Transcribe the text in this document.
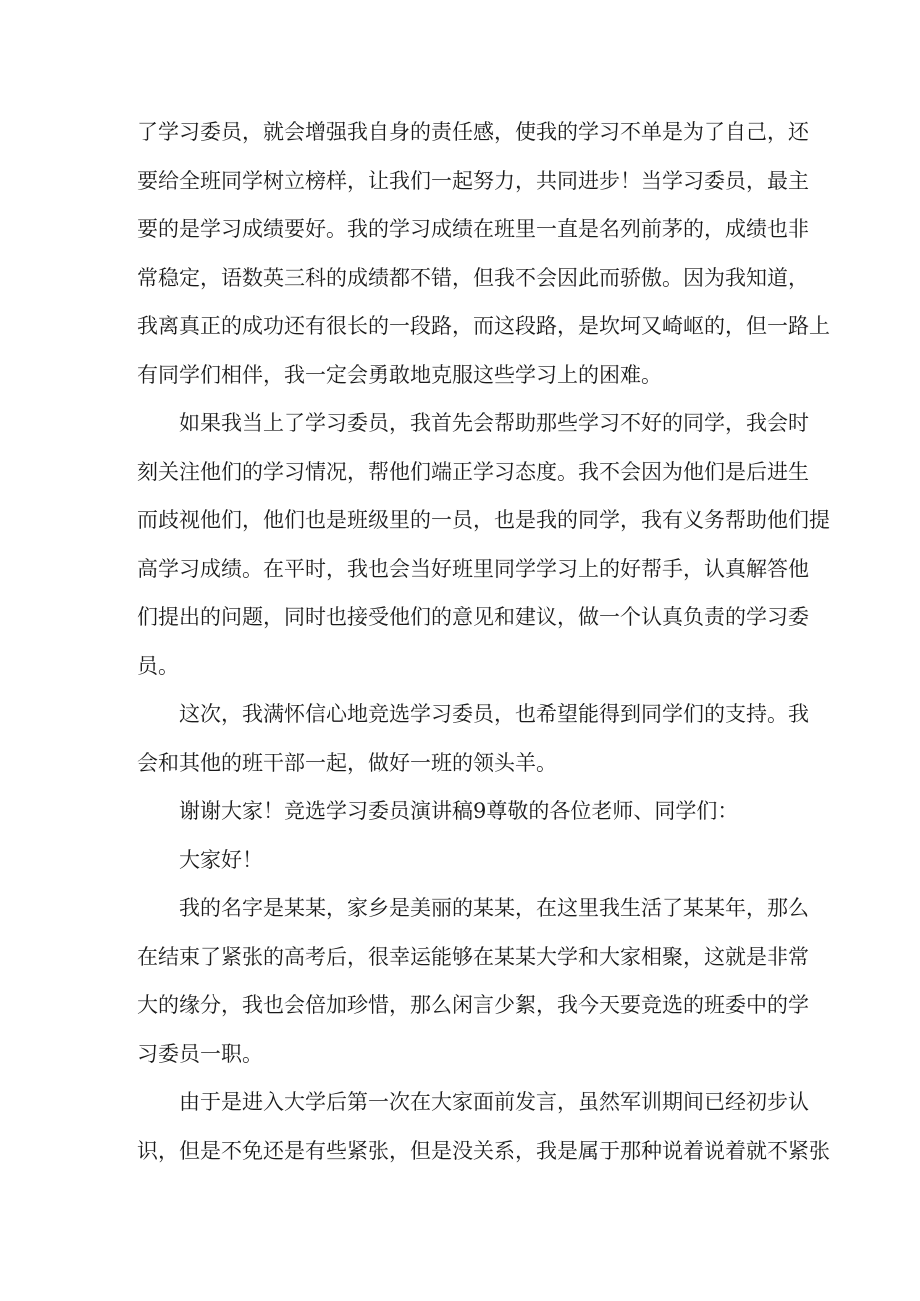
了学习委员，就会增强我自身的责任感，使我的学习不单是为了自己，还

要给全班同学树立榜样，让我们一起努力，共同进步！当学习委员，最主

要的是学习成绩要好。我的学习成绩在班里一直是名列前茅的，成绩也非

常稳定，语数英三科的成绩都不错，但我不会因此而骄傲。因为我知道，

我离真正的成功还有很长的一段路，而这段路，是坎坷又崎岖的，但一路上

有同学们相伴，我一定会勇敢地克服这些学习上的困难。

如果我当上了学习委员，我首先会帮助那些学习不好的同学，我会时

刻关注他们的学习情况，帮他们端正学习态度。我不会因为他们是后进生

而歧视他们，他们也是班级里的一员，也是我的同学，我有义务帮助他们提

高学习成绩。在平时，我也会当好班里同学学习上的好帮手，认真解答他

们提出的问题，同时也接受他们的意见和建议，做一个认真负责的学习委

员。

这次，我满怀信心地竞选学习委员，也希望能得到同学们的支持。我

会和其他的班干部一起，做好一班的领头羊。

谢谢大家！竞选学习委员演讲稿9尊敬的各位老师、同学们：

大家好！

我的名字是某某，家乡是美丽的某某，在这里我生活了某某年，那么

在结束了紧张的高考后，很幸运能够在某某大学和大家相聚，这就是非常

大的缘分，我也会倍加珍惜，那么闲言少絮，我今天要竞选的班委中的学

习委员一职。

由于是进入大学后第一次在大家面前发言，虽然军训期间已经初步认

识，但是不免还是有些紧张，但是没关系，我是属于那种说着说着就不紧张
